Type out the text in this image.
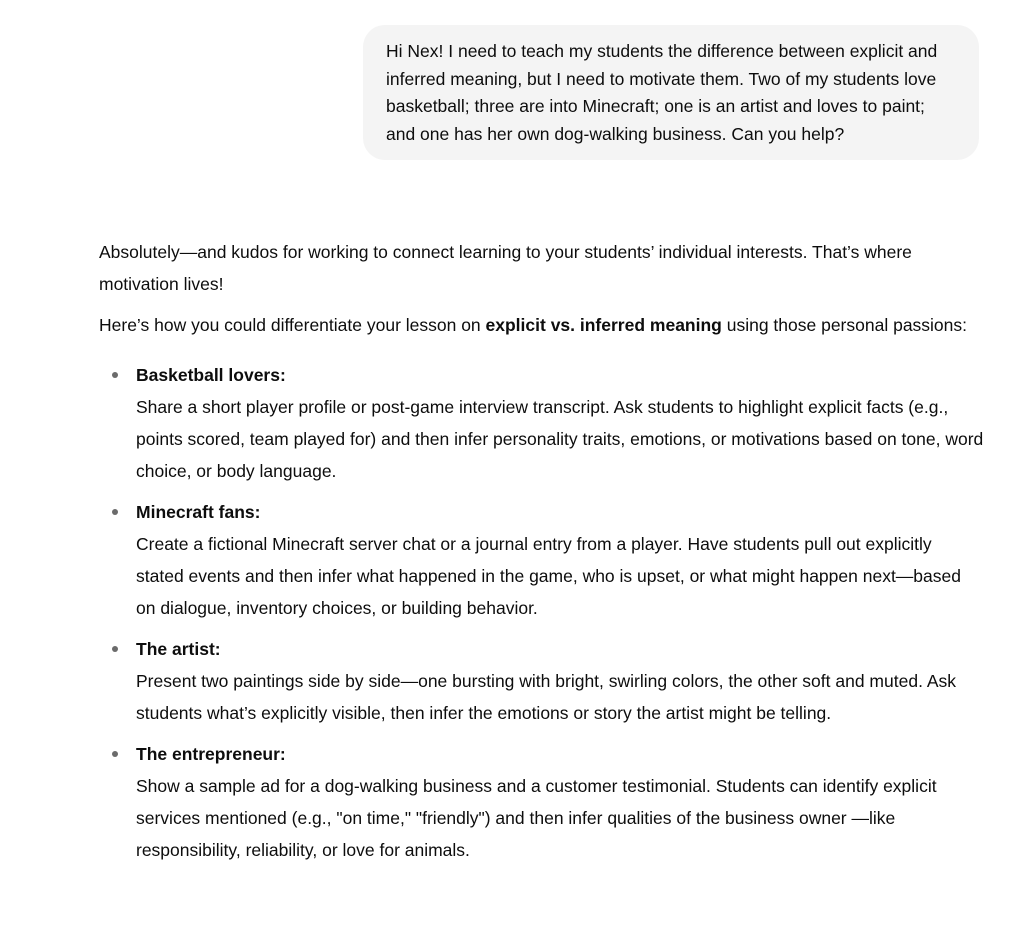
Hi Nex! I need to teach my students the difference between explicit and inferred meaning, but I need to motivate them. Two of my students love basketball; three are into Minecraft; one is an artist and loves to paint; and one has her own dog-walking business. Can you help?

Absolutely—and kudos for working to connect learning to your students’ individual interests. That’s where motivation lives!

Here’s how you could differentiate your lesson on explicit vs. inferred meaning using those personal passions:

Basketball lovers:
Share a short player profile or post-game interview transcript. Ask students to highlight explicit facts (e.g., points scored, team played for) and then infer personality traits, emotions, or motivations based on tone, word choice, or body language.
Minecraft fans:
Create a fictional Minecraft server chat or a journal entry from a player. Have students pull out explicitly stated events and then infer what happened in the game, who is upset, or what might happen next—based on dialogue, inventory choices, or building behavior.
The artist:
Present two paintings side by side—one bursting with bright, swirling colors, the other soft and muted. Ask students what’s explicitly visible, then infer the emotions or story the artist might be telling.
The entrepreneur:
Show a sample ad for a dog-walking business and a customer testimonial. Students can identify explicit services mentioned (e.g., "on time," "friendly") and then infer qualities of the business owner —like responsibility, reliability, or love for animals.
